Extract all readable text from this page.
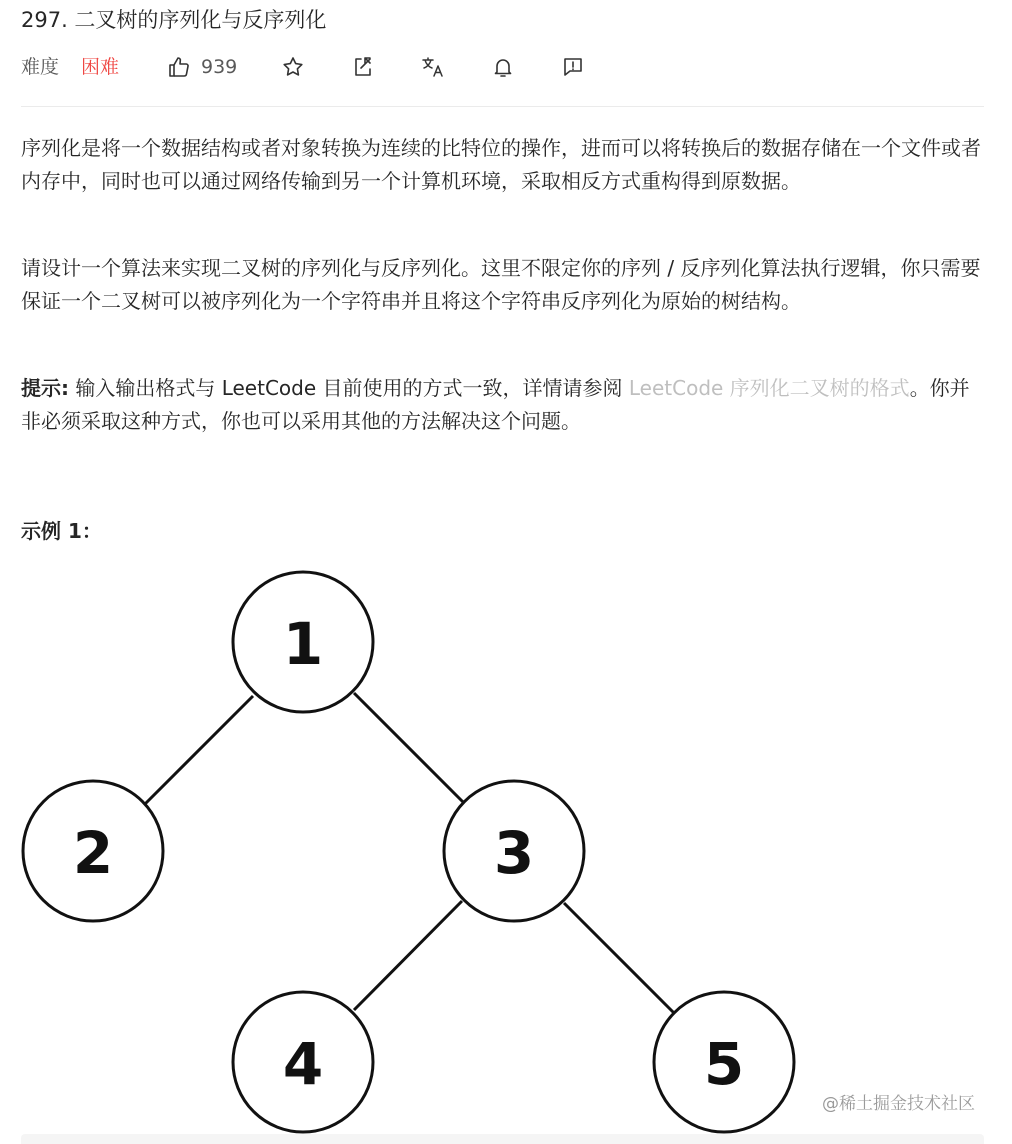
297. 二叉树的序列化与反序列化
难度 困难	939

序列化是将一个数据结构或者对象转换为连续的比特位的操作，进而可以将转换后的数据存储在一个文件或者内存中，同时也可以通过网络传输到另一个计算机环境，采取相反方式重构得到原数据。

请设计一个算法来实现二叉树的序列化与反序列化。这里不限定你的序列 / 反序列化算法执行逻辑，你只需要保证一个二叉树可以被序列化为一个字符串并且将这个字符串反序列化为原始的树结构。

提示: 输入输出格式与 LeetCode 目前使用的方式一致，详情请参阅 LeetCode 序列化二叉树的格式。你并非必须采取这种方式，你也可以采用其他的方法解决这个问题。

示例 1：

1
2	3
4	5
@稀土掘金技术社区
